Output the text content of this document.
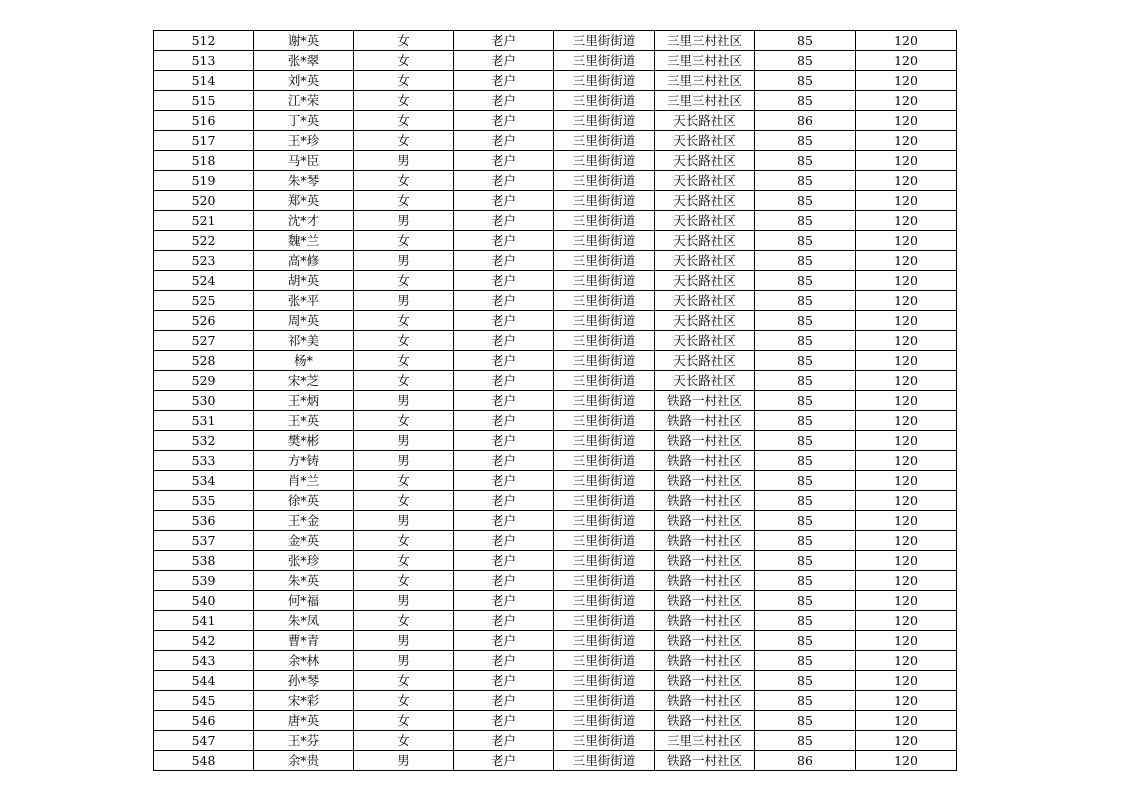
512	谢*英	女	老户	三里街街道	三里三村社区	85	120
513	张*翠	女	老户	三里街街道	三里三村社区	85	120
514	刘*英	女	老户	三里街街道	三里三村社区	85	120
515	江*荣	女	老户	三里街街道	三里三村社区	85	120
516	丁*英	女	老户	三里街街道	天长路社区	86	120
517	王*珍	女	老户	三里街街道	天长路社区	85	120
518	马*臣	男	老户	三里街街道	天长路社区	85	120
519	朱*琴	女	老户	三里街街道	天长路社区	85	120
520	郑*英	女	老户	三里街街道	天长路社区	85	120
521	沈*才	男	老户	三里街街道	天长路社区	85	120
522	魏*兰	女	老户	三里街街道	天长路社区	85	120
523	高*修	男	老户	三里街街道	天长路社区	85	120
524	胡*英	女	老户	三里街街道	天长路社区	85	120
525	张*平	男	老户	三里街街道	天长路社区	85	120
526	周*英	女	老户	三里街街道	天长路社区	85	120
527	祁*美	女	老户	三里街街道	天长路社区	85	120
528	杨*	女	老户	三里街街道	天长路社区	85	120
529	宋*芝	女	老户	三里街街道	天长路社区	85	120
530	王*炳	男	老户	三里街街道	铁路一村社区	85	120
531	王*英	女	老户	三里街街道	铁路一村社区	85	120
532	樊*彬	男	老户	三里街街道	铁路一村社区	85	120
533	方*铸	男	老户	三里街街道	铁路一村社区	85	120
534	肖*兰	女	老户	三里街街道	铁路一村社区	85	120
535	徐*英	女	老户	三里街街道	铁路一村社区	85	120
536	王*金	男	老户	三里街街道	铁路一村社区	85	120
537	金*英	女	老户	三里街街道	铁路一村社区	85	120
538	张*珍	女	老户	三里街街道	铁路一村社区	85	120
539	朱*英	女	老户	三里街街道	铁路一村社区	85	120
540	何*福	男	老户	三里街街道	铁路一村社区	85	120
541	朱*凤	女	老户	三里街街道	铁路一村社区	85	120
542	曹*青	男	老户	三里街街道	铁路一村社区	85	120
543	余*林	男	老户	三里街街道	铁路一村社区	85	120
544	孙*琴	女	老户	三里街街道	铁路一村社区	85	120
545	宋*彩	女	老户	三里街街道	铁路一村社区	85	120
546	唐*英	女	老户	三里街街道	铁路一村社区	85	120
547	王*芬	女	老户	三里街街道	三里三村社区	85	120
548	余*贵	男	老户	三里街街道	铁路一村社区	86	120
